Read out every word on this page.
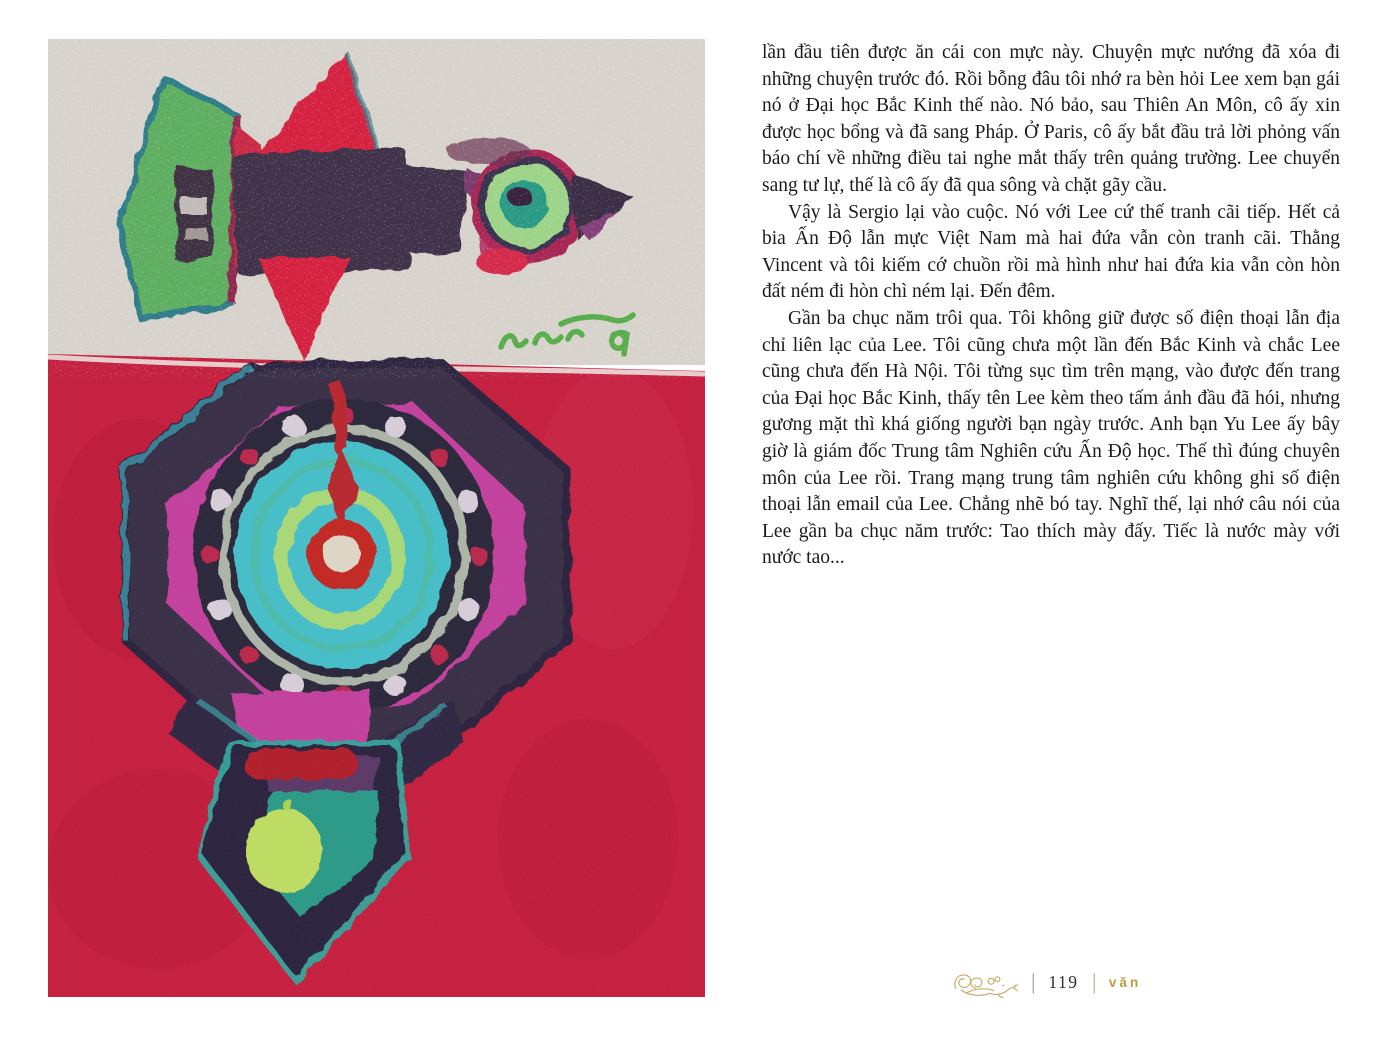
lần đầu tiên được ăn cái con mực này. Chuyện mực nướng đã xóa đi những chuyện trước đó. Rồi bỗng đâu tôi nhớ ra bèn hỏi Lee xem bạn gái nó ở Đại học Bắc Kinh thế nào. Nó bảo, sau Thiên An Môn, cô ấy xin được học bổng và đã sang Pháp. Ở Paris, cô ấy bắt đầu trả lời phỏng vấn báo chí về những điều tai nghe mắt thấy trên quảng trường. Lee chuyển sang tư lự, thế là cô ấy đã qua sông và chặt gãy cầu.

Vậy là Sergio lại vào cuộc. Nó với Lee cứ thế tranh cãi tiếp. Hết cả bia Ấn Độ lẫn mực Việt Nam mà hai đứa vẫn còn tranh cãi. Thằng Vincent và tôi kiếm cớ chuồn rồi mà hình như hai đứa kia vẫn còn hòn đất ném đi hòn chì ném lại. Đến đêm.

Gần ba chục năm trôi qua. Tôi không giữ được số điện thoại lẫn địa chỉ liên lạc của Lee. Tôi cũng chưa một lần đến Bắc Kinh và chắc Lee cũng chưa đến Hà Nội. Tôi từng sục tìm trên mạng, vào được đến trang của Đại học Bắc Kinh, thấy tên Lee kèm theo tấm ảnh đầu đã hói, nhưng gương mặt thì khá giống người bạn ngày trước. Anh bạn Yu Lee ấy bây giờ là giám đốc Trung tâm Nghiên cứu Ấn Độ học. Thế thì đúng chuyên môn của Lee rồi. Trang mạng trung tâm nghiên cứu không ghi số điện thoại lẫn email của Lee. Chẳng nhẽ bó tay. Nghĩ thế, lại nhớ câu nói của Lee gần ba chục năm trước: Tao thích mày đấy. Tiếc là nước mày với nước tao...

| 119 | văn
